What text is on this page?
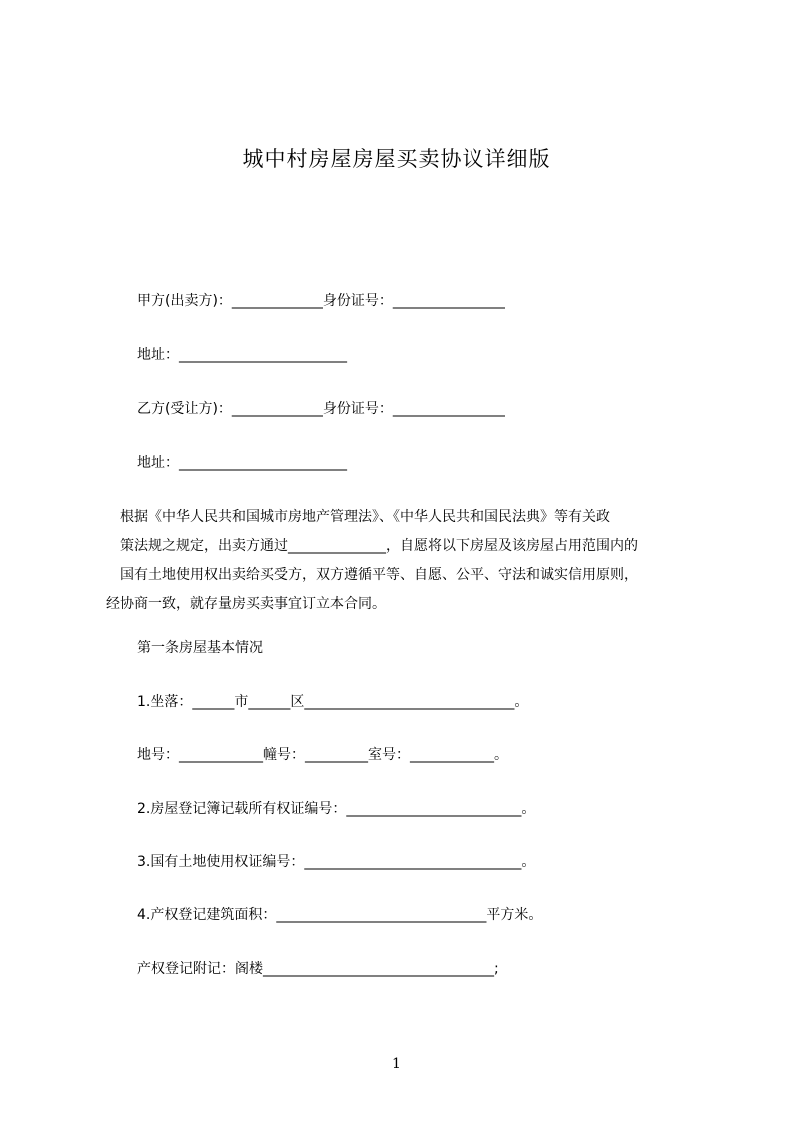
城中村房屋房屋买卖协议详细版
甲方(出卖方)：_____________身份证号：________________
地址：________________________
乙方(受让方)：_____________身份证号：________________
地址：________________________
　根据《中华人民共和国城市房地产管理法》、《中华人民共和国民法典》等有关政
　策法规之规定，出卖方通过______________，自愿将以下房屋及该房屋占用范围内的
　国有土地使用权出卖给买受方，双方遵循平等、自愿、公平、守法和诚实信用原则，
经协商一致，就存量房买卖事宜订立本合同。
第一条房屋基本情况
1.坐落：______市______区______________________________。
地号：____________幢号：_________室号：____________。
2.房屋登记簿记载所有权证编号：_________________________。
3.国有土地使用权证编号：_______________________________。
4.产权登记建筑面积：______________________________平方米。
产权登记附记：阁楼_________________________________;
1
